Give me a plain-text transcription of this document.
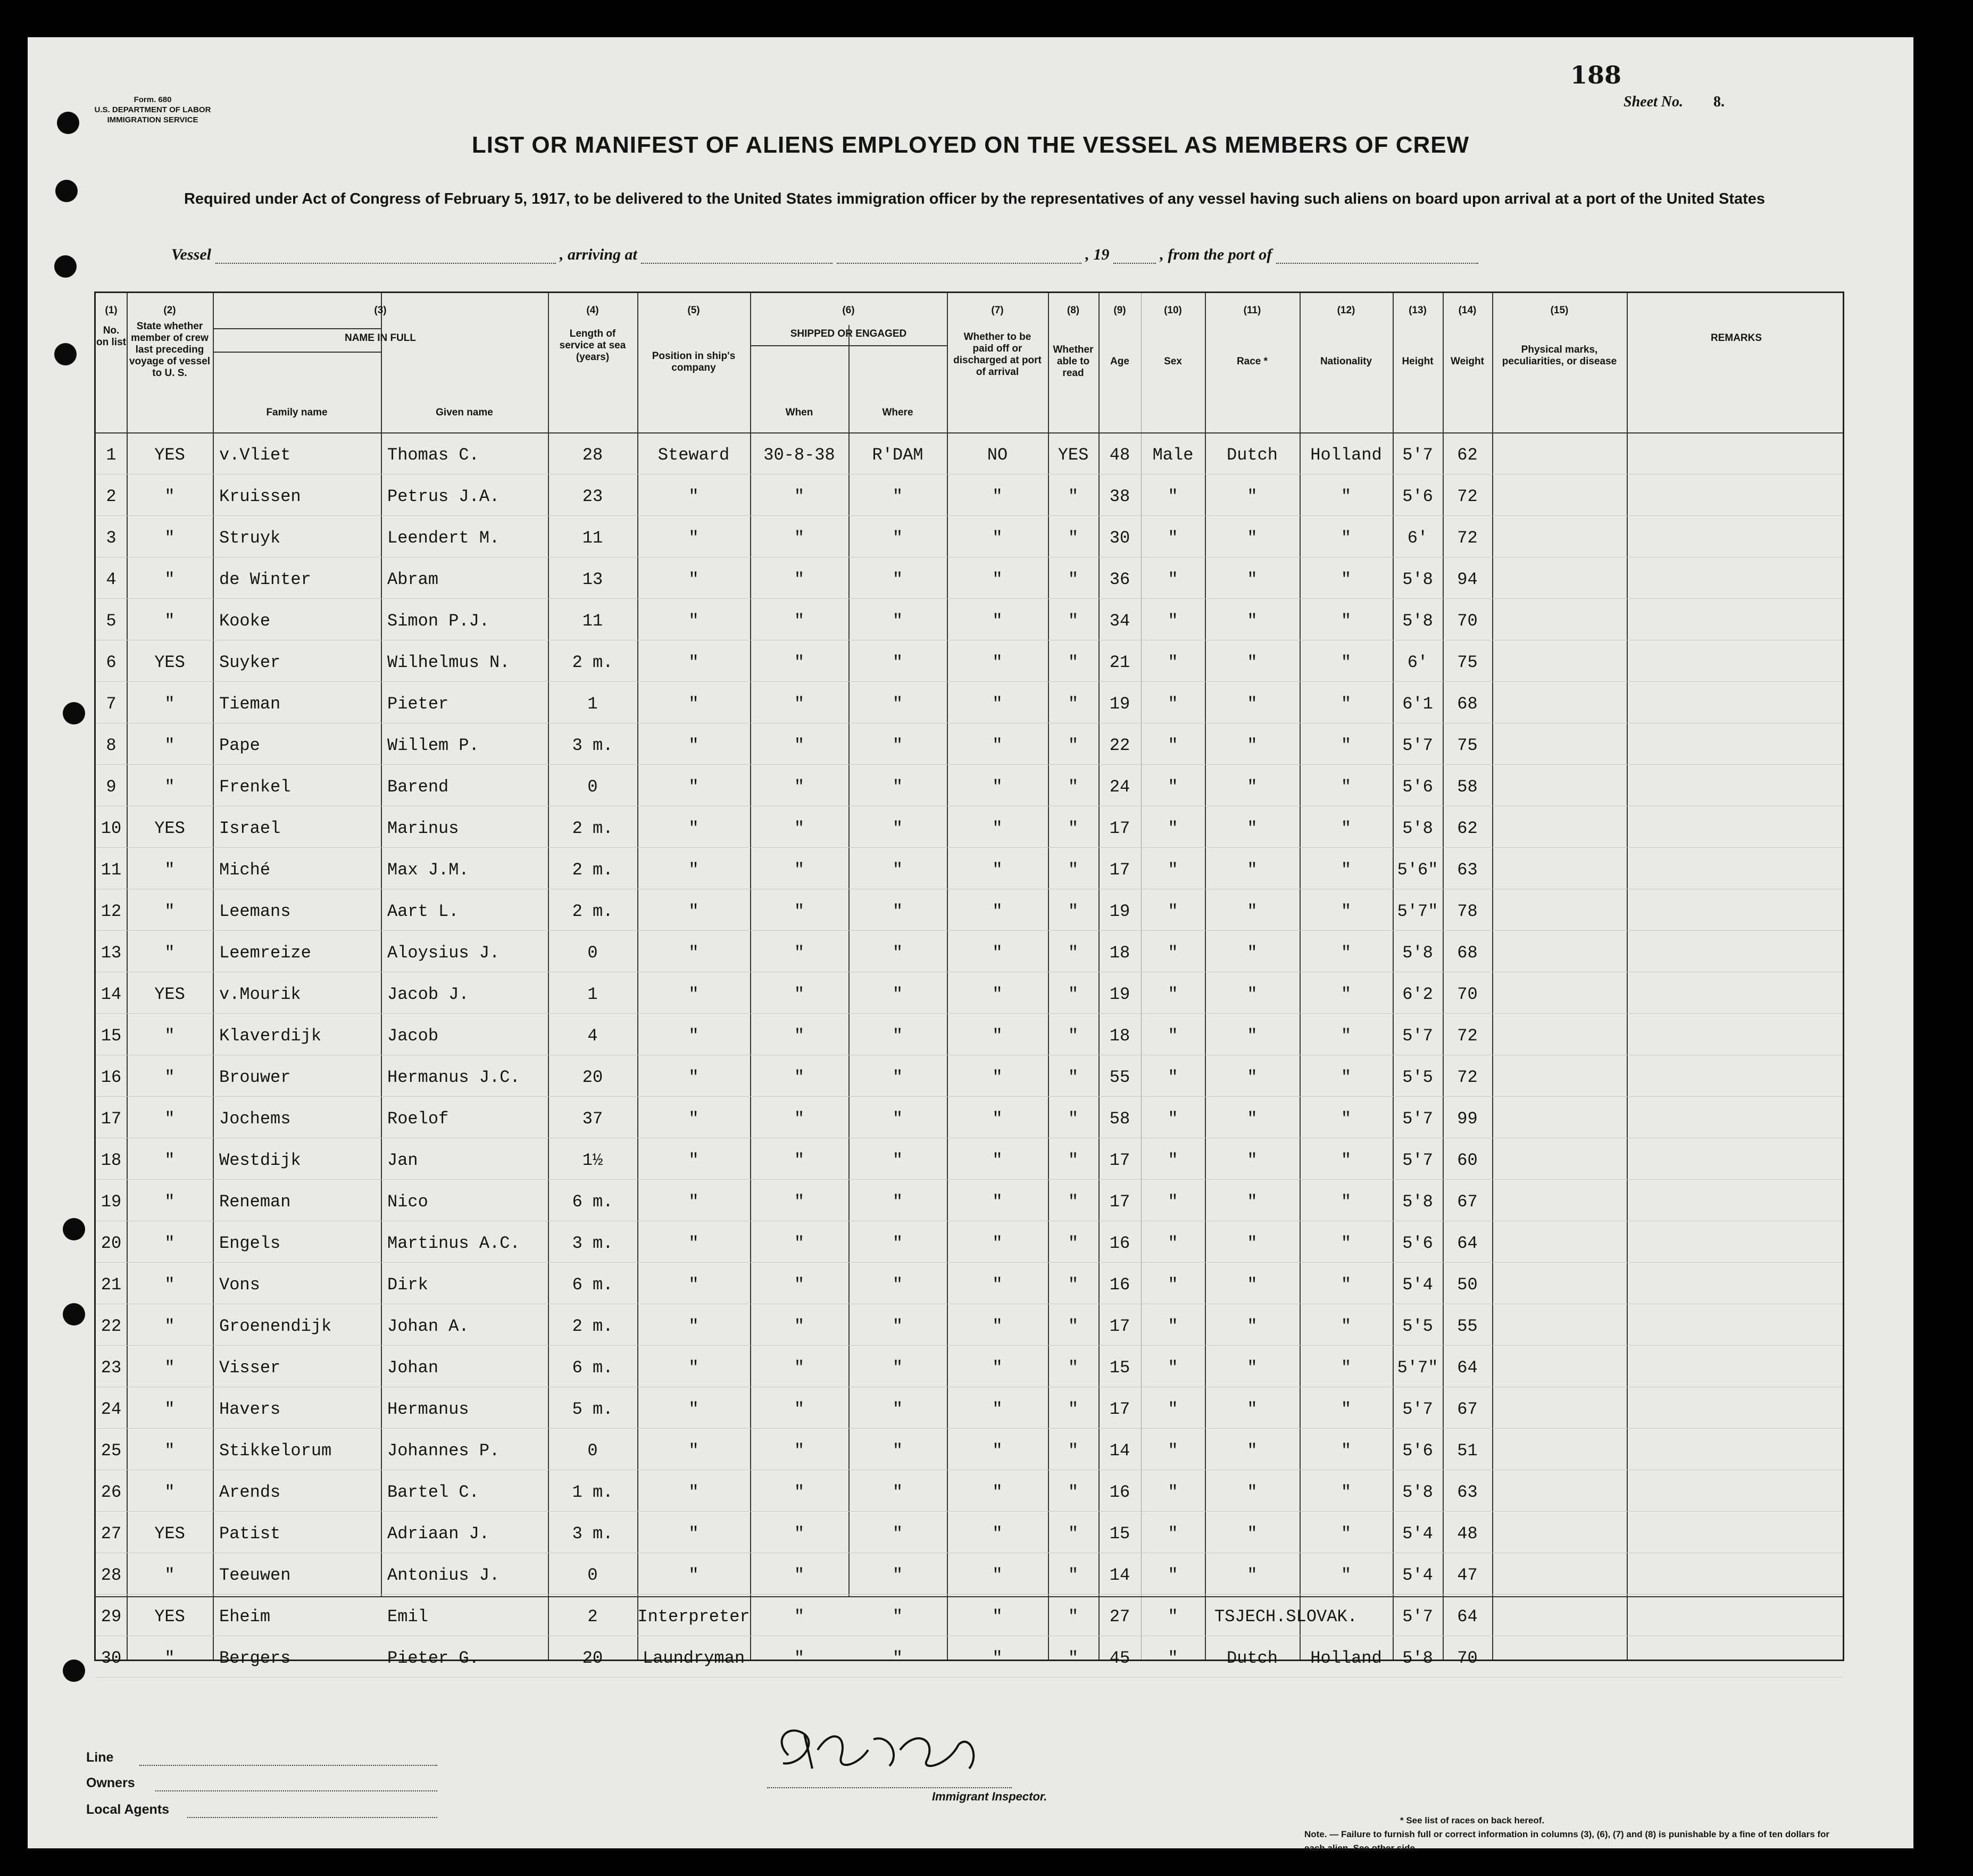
Form. 680
U.S. DEPARTMENT OF LABOR
IMMIGRATION SERVICE
188
Sheet No. 8.
LIST OR MANIFEST OF ALIENS EMPLOYED ON THE VESSEL AS MEMBERS OF CREW
Required under Act of Congress of February 5, 1917, to be delivered to the United States immigration officer by the representatives of any vessel having such aliens on board upon arrival at a port of the United States
Vessel	, arriving at	, 19	, from the port of
(1)
No. on list
(2)
State whether member of crew last preceding voyage of vessel to U. S.
(3)
NAME IN FULL
Family name	Given name
(4)
Length of service at sea (years)
(5)
Position in ship's company
(6)
SHIPPED OR ENGAGED
When	Where
(7)
Whether to be paid off or discharged at port of arrival
(8)
Whether able to read
(9)
Age
(10)
Sex
(11)
Race *
(12)
Nationality
(13)
Height
(14)
Weight
(15)
Physical marks, peculiarities, or disease
REMARKS
1	YES	v.Vliet	Thomas C.	28	Steward	30-8-38	R'DAM	NO	YES	48	Male	Dutch	Holland	5'7	62
2	"	Kruissen	Petrus J.A.	23	"	"	"	"	"	38	"	"	"	5'6	72
3	"	Struyk	Leendert M.	11	"	"	"	"	"	30	"	"	"	6'	72
4	"	de Winter	Abram	13	"	"	"	"	"	36	"	"	"	5'8	94
5	"	Kooke	Simon P.J.	11	"	"	"	"	"	34	"	"	"	5'8	70
6	YES	Suyker	Wilhelmus N.	2 m.	"	"	"	"	"	21	"	"	"	6'	75
7	"	Tieman	Pieter	1	"	"	"	"	"	19	"	"	"	6'1	68
8	"	Pape	Willem P.	3 m.	"	"	"	"	"	22	"	"	"	5'7	75
9	"	Frenkel	Barend	0	"	"	"	"	"	24	"	"	"	5'6	58
10	YES	Israel	Marinus	2 m.	"	"	"	"	"	17	"	"	"	5'8	62
11	"	Miché	Max J.M.	2 m.	"	"	"	"	"	17	"	"	"	5'6"	63
12	"	Leemans	Aart L.	2 m.	"	"	"	"	"	19	"	"	"	5'7"	78
13	"	Leemreize	Aloysius J.	0	"	"	"	"	"	18	"	"	"	5'8	68
14	YES	v.Mourik	Jacob J.	1	"	"	"	"	"	19	"	"	"	6'2	70
15	"	Klaverdijk	Jacob	4	"	"	"	"	"	18	"	"	"	5'7	72
16	"	Brouwer	Hermanus J.C.	20	"	"	"	"	"	55	"	"	"	5'5	72
17	"	Jochems	Roelof	37	"	"	"	"	"	58	"	"	"	5'7	99
18	"	Westdijk	Jan	1½	"	"	"	"	"	17	"	"	"	5'7	60
19	"	Reneman	Nico	6 m.	"	"	"	"	"	17	"	"	"	5'8	67
20	"	Engels	Martinus A.C.	3 m.	"	"	"	"	"	16	"	"	"	5'6	64
21	"	Vons	Dirk	6 m.	"	"	"	"	"	16	"	"	"	5'4	50
22	"	Groenendijk	Johan A.	2 m.	"	"	"	"	"	17	"	"	"	5'5	55
23	"	Visser	Johan	6 m.	"	"	"	"	"	15	"	"	"	5'7"	64
24	"	Havers	Hermanus	5 m.	"	"	"	"	"	17	"	"	"	5'7	67
25	"	Stikkelorum	Johannes P.	0	"	"	"	"	"	14	"	"	"	5'6	51
26	"	Arends	Bartel C.	1 m.	"	"	"	"	"	16	"	"	"	5'8	63
27	YES	Patist	Adriaan J.	3 m.	"	"	"	"	"	15	"	"	"	5'4	48
28	"	Teeuwen	Antonius J.	0	"	"	"	"	"	14	"	"	"	5'4	47
29	YES	Eheim	Emil	2	Interpreter	"	"	"	"	27	"	TSJECH.SLOVAK.	5'7	64
30	"	Bergers	Pieter G.	20	Laundryman	"	"	"	"	45	"	Dutch	Holland	5'8	70
Line
Owners
Local Agents
Immigrant Inspector.
* See list of races on back hereof.
Note. — Failure to furnish full or correct information in columns (3), (6), (7) and (8) is punishable by a fine of ten dollars for each alien. See other side.
